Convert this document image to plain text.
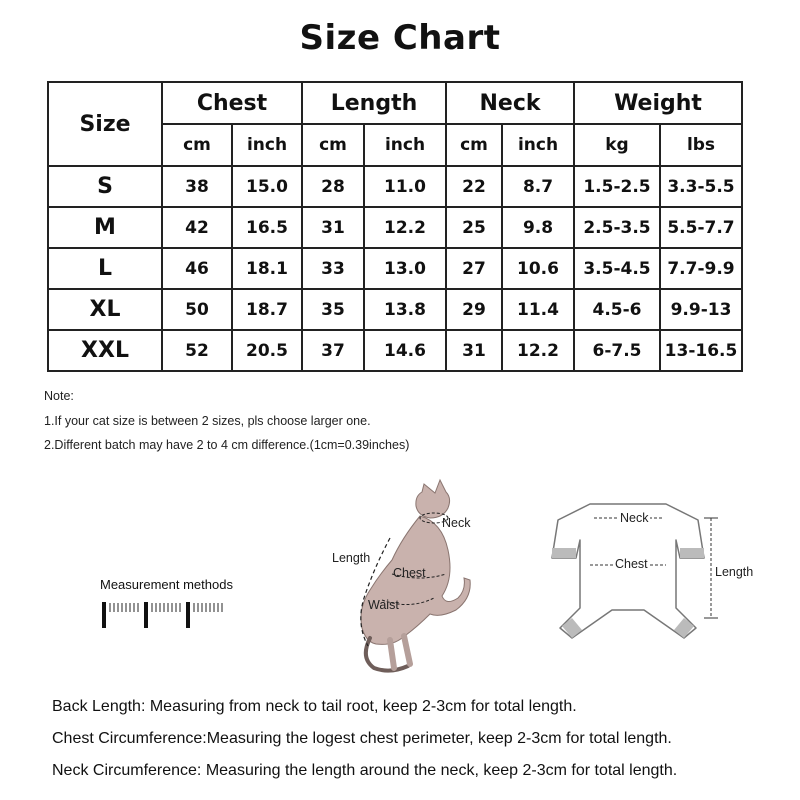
Size Chart
Size	Chest		Length		Neck		Weight	
	cm	inch	cm	inch	cm	inch	kg	lbs
S	38	15.0	28	11.0	22	8.7	1.5-2.5	3.3-5.5
M	42	16.5	31	12.2	25	9.8	2.5-3.5	5.5-7.7
L	46	18.1	33	13.0	27	10.6	3.5-4.5	7.7-9.9
XL	50	18.7	35	13.8	29	11.4	4.5-6	9.9-13
XXL	52	20.5	37	14.6	31	12.2	6-7.5	13-16.5
Note:
1.If your cat size is between 2 sizes, pls choose larger one.
2.Different batch may have 2 to 4 cm difference.(1cm=0.39inches)
Measurement methods
Neck
Length
Chest
Waist
Neck
Chest
Length
Back Length: Measuring from neck to tail root, keep 2-3cm for total length.
Chest Circumference:Measuring the logest chest perimeter, keep 2-3cm for total length.
Neck Circumference: Measuring the length around the neck, keep 2-3cm for total length.
